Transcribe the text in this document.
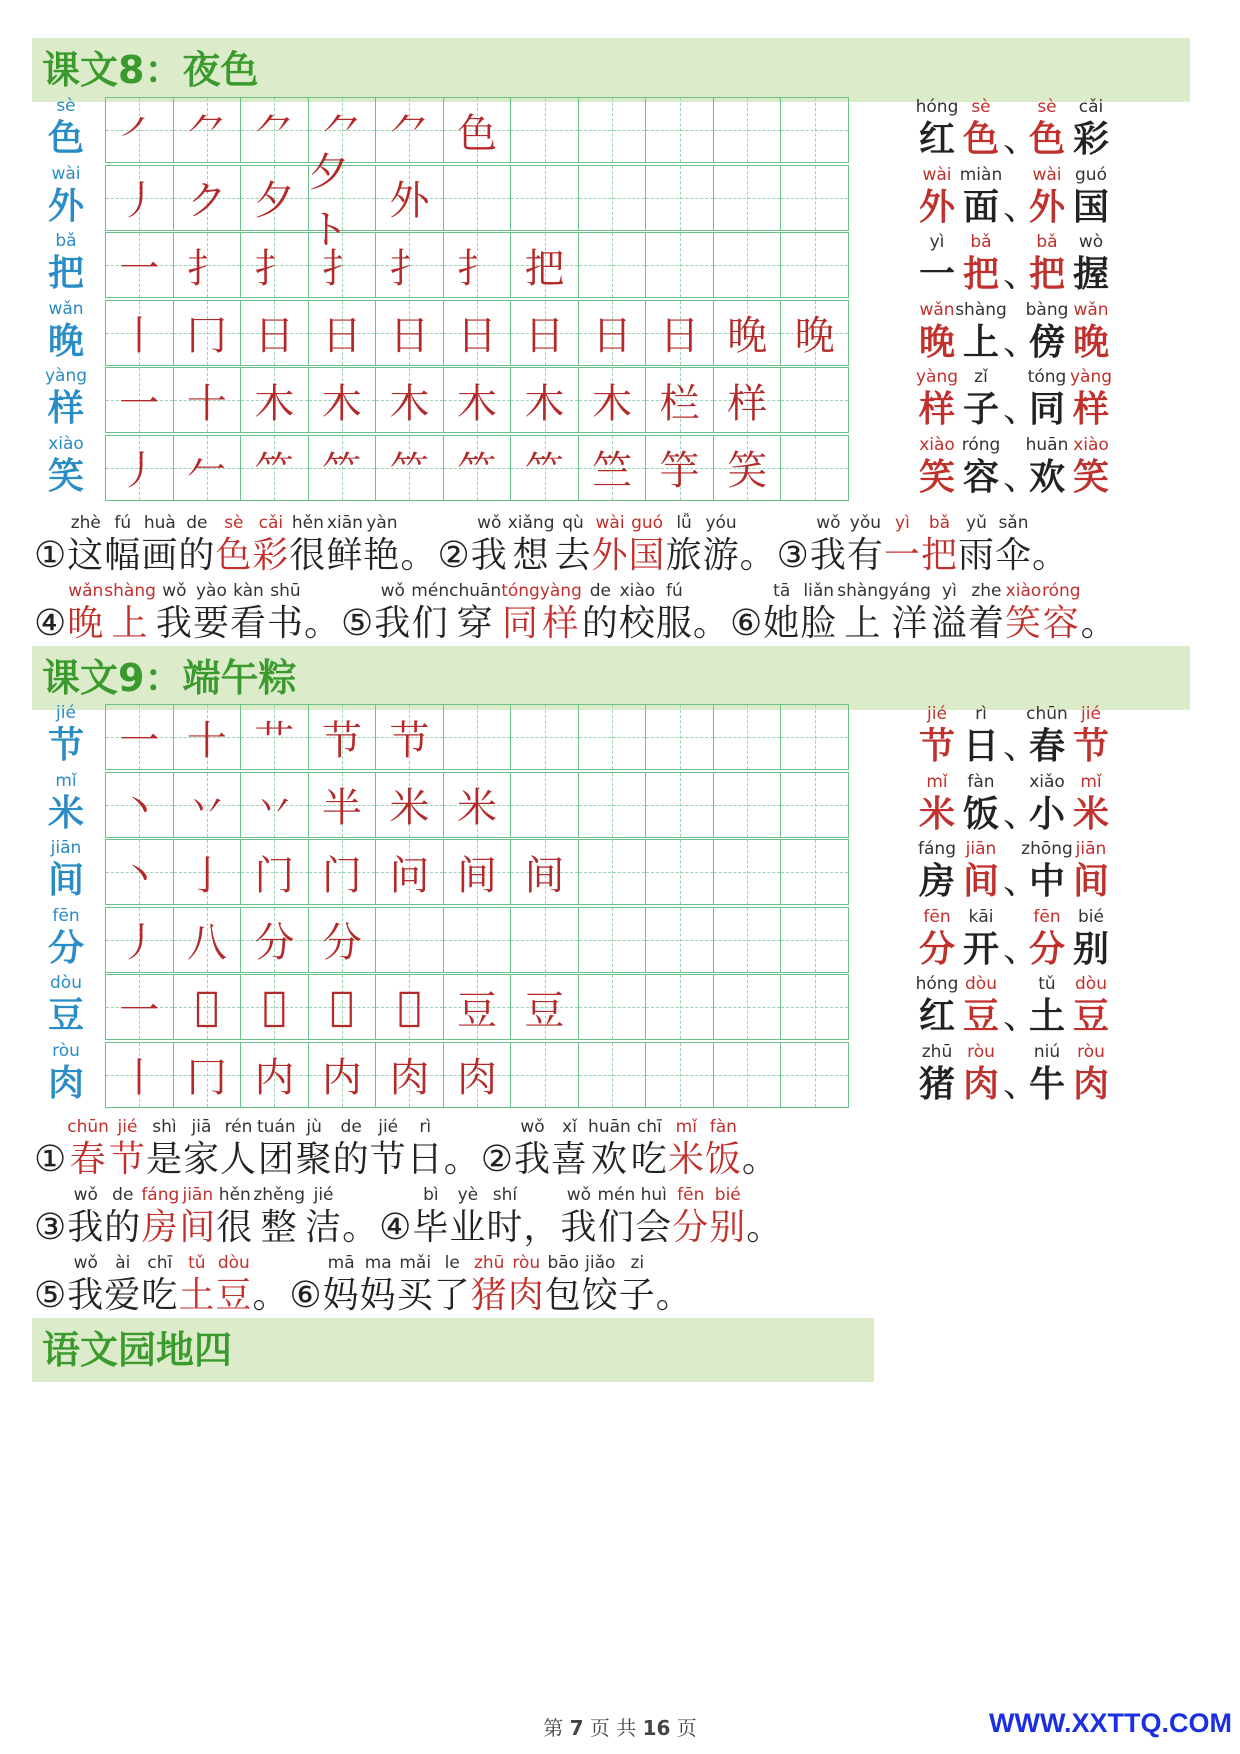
课文8：夜色
sè
色 ㇒ ⺈ ⺈ ⺈ ⺈ 色
hóng
红
sè
色 、
sè
色
cǎi
彩
wài
外 丿 ク 夕
夕ト
外
wài
外
miàn
面 、
wài
外
guó
国
bǎ
把 一 扌 扌 扌 扌 扌 把
yì
一
bǎ
把 、
bǎ
把
wò
握
wǎn
晚 丨 冂 日 日 日 日 日 日 日 晚 晚
wǎn
晚
shàng
上 、
bàng
傍
wǎn
晚
yàng
样 一 十 木 木 木 木 木 木 栏 样
yàng
样
zǐ
子 、
tóng
同
yàng
样
xiào
笑 丿 𠂉 ⺮ ⺮ ⺮ ⺮ ⺮ 竺 竽 笑
xiào
笑
róng
容 、
huān
欢
xiào
笑
①
zhè
这
fú
幅
huà
画
de
的
sè
色
cǎi
彩
hěn
很
xiān
鲜
yàn
艳 。 ②
wǒ
我
xiǎng
想
qù
去
wài
外
guó
国
lǚ
旅
yóu
游 。 ③
wǒ
我
yǒu
有
yì
一
bǎ
把
yǔ
雨
sǎn
伞 。
④
wǎn
晚
shàng
上
wǒ
我
yào
要
kàn
看
shū
书 。 ⑤
wǒ
我
mén
们
chuān
穿
tóng
同
yàng
样
de
的
xiào
校
fú
服 。 ⑥
tā
她
liǎn
脸
shàng
上
yáng
洋
yì
溢
zhe
着
xiào
笑
róng
容 。
课文9：端午粽
jié
节 一 十 艹 节 节
jié
节
rì
日 、
chūn
春
jié
节
mǐ
米 丶 丷 丷 半 米 米
mǐ
米
fàn
饭 、
xiǎo
小
mǐ
米
jiān
间 丶 亅 门 门 问 间 间
fáng
房
jiān
间 、
zhōng
中
jiān
间
fēn
分 丿 八 分 分
fēn
分
kāi
开 、
fēn
分
bié
别
dòu
豆 一 𠀆 𠀆 𠀆 𠀆 豆 豆
hóng
红
dòu
豆 、
tǔ
土
dòu
豆
ròu
肉 丨 冂 内 内 肉 肉
zhū
猪
ròu
肉 、
niú
牛
ròu
肉
①
chūn
春
jié
节
shì
是
jiā
家
rén
人
tuán
团
jù
聚
de
的
jié
节
rì
日 。 ②
wǒ
我
xǐ
喜
huān
欢
chī
吃
mǐ
米
fàn
饭 。
③
wǒ
我
de
的
fáng
房
jiān
间
hěn
很
zhěng
整
jié
洁 。 ④
bì
毕
yè
业
shí
时 ，
wǒ
我
mén
们
huì
会
fēn
分
bié
别 。
⑤
wǒ
我
ài
爱
chī
吃
tǔ
土
dòu
豆 。 ⑥
mā
妈
ma
妈
mǎi
买
le
了
zhū
猪
ròu
肉
bāo
包
jiǎo
饺
zi
子 。
语文园地四
第 7 页 共 16 页	WWW.XXTTQ.COM
